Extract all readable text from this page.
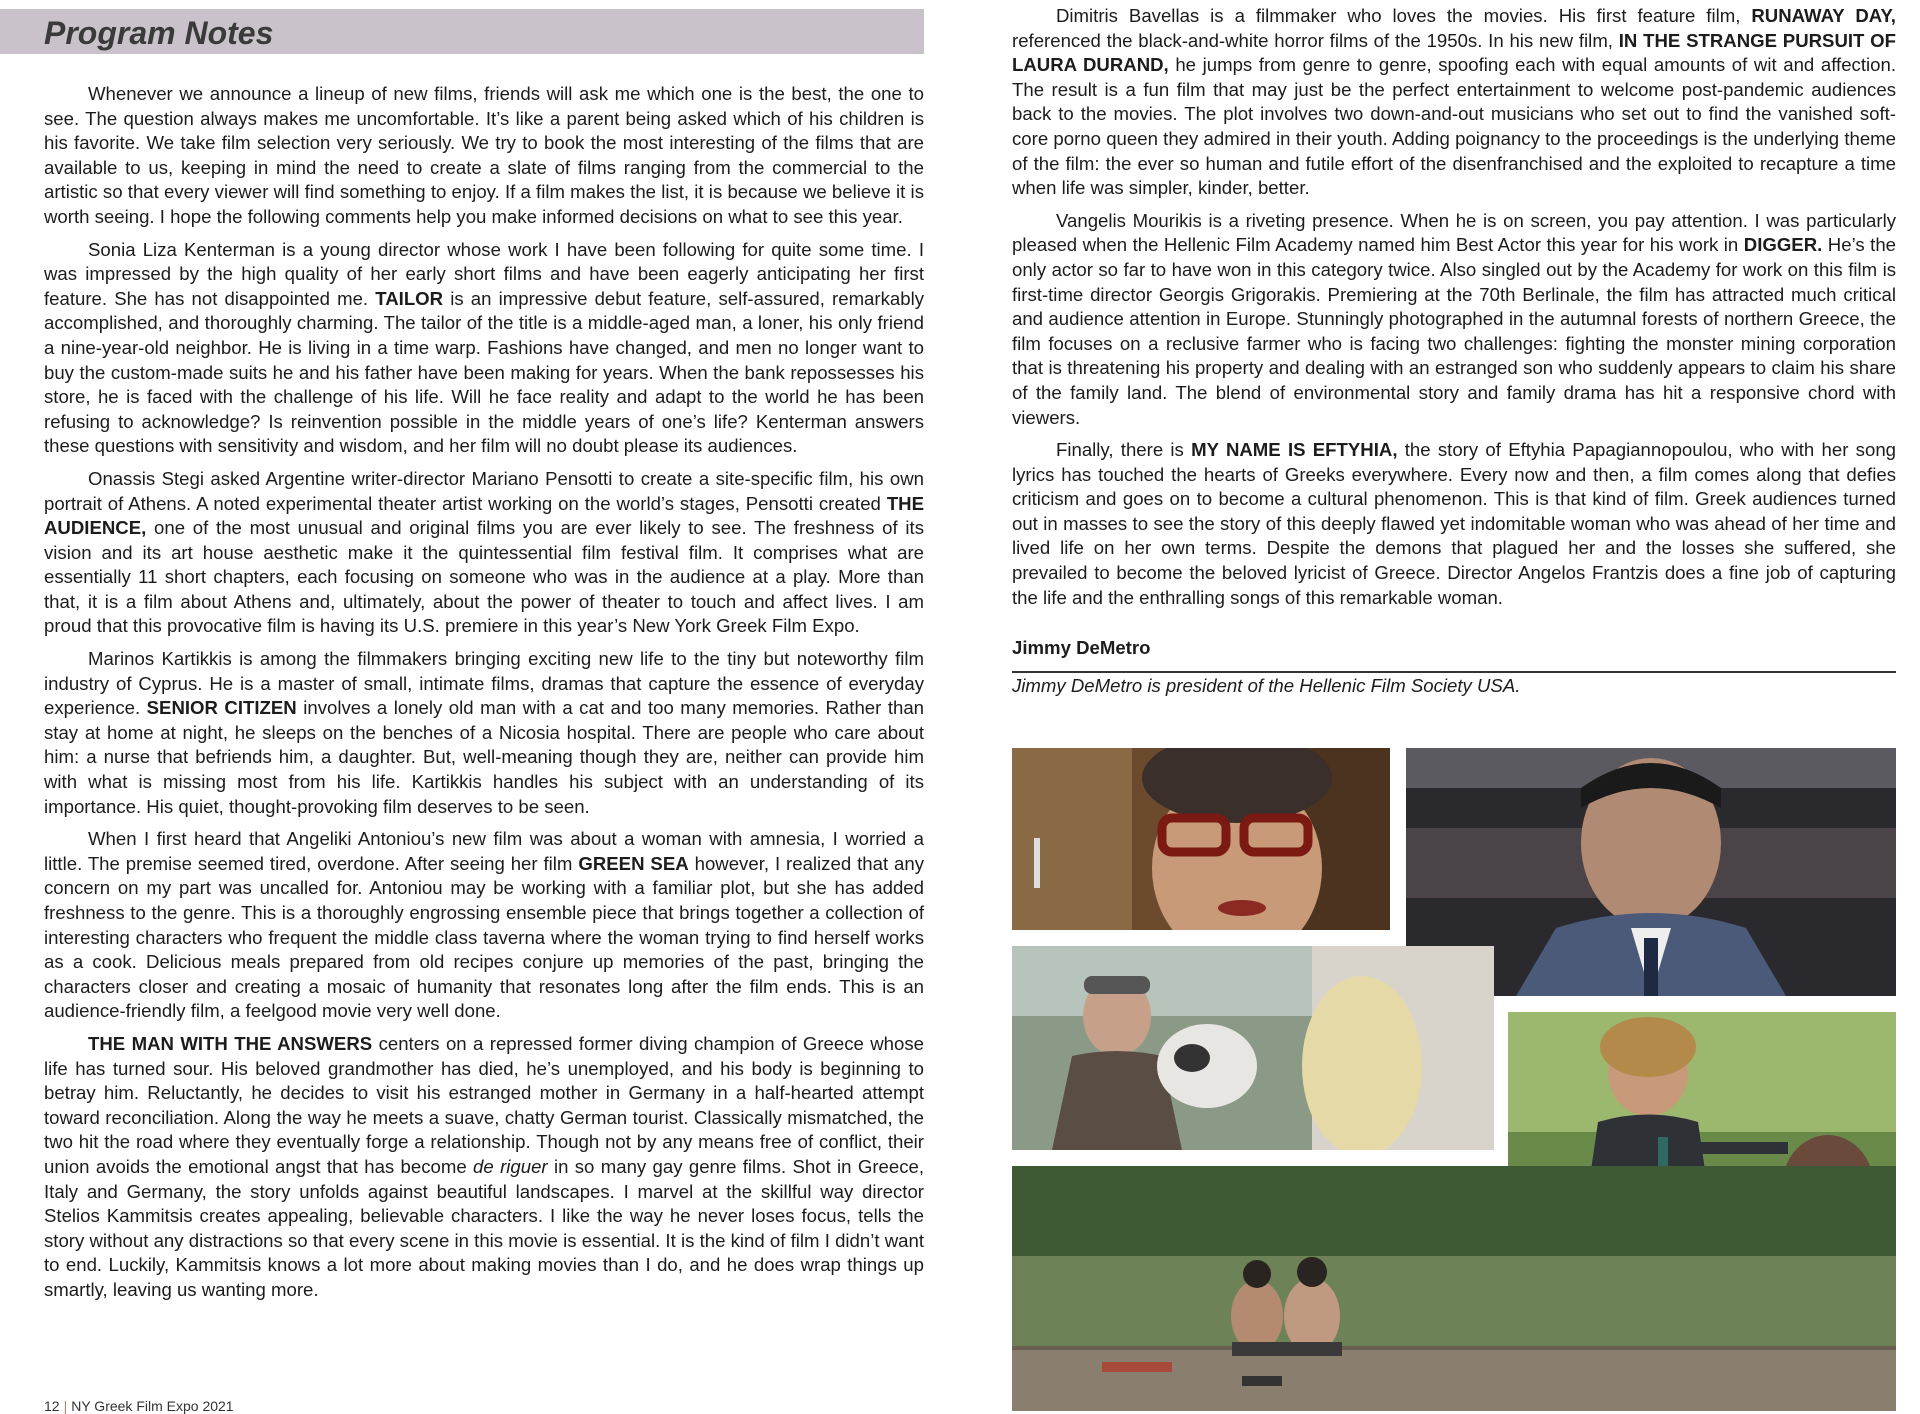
Program Notes

Whenever we announce a lineup of new films, friends will ask me which one is the best, the one to see. The question always makes me uncomfortable. It’s like a parent being asked which of his children is his favorite. We take film selection very seriously. We try to book the most interesting of the films that are available to us, keeping in mind the need to create a slate of films ranging from the commercial to the artistic so that every viewer will find something to enjoy. If a film makes the list, it is because we believe it is worth seeing. I hope the following comments help you make informed decisions on what to see this year.

Sonia Liza Kenterman is a young director whose work I have been following for quite some time. I was impressed by the high quality of her early short films and have been eagerly anticipating her first feature. She has not disappointed me. TAILOR is an impressive debut feature, self-assured, remarkably accomplished, and thoroughly charming. The tailor of the title is a middle-aged man, a loner, his only friend a nine-year-old neighbor. He is living in a time warp. Fashions have changed, and men no longer want to buy the custom-made suits he and his father have been making for years. When the bank repossesses his store, he is faced with the challenge of his life. Will he face reality and adapt to the world he has been refusing to acknowledge? Is reinvention possible in the middle years of one’s life? Kenterman answers these questions with sensitivity and wisdom, and her film will no doubt please its audiences.

Onassis Stegi asked Argentine writer-director Mariano Pensotti to create a site-specific film, his own portrait of Athens. A noted experimental theater artist working on the world’s stages, Pensotti created THE AUDIENCE, one of the most unusual and original films you are ever likely to see. The freshness of its vision and its art house aesthetic make it the quintessential film festival film. It comprises what are essentially 11 short chapters, each focusing on someone who was in the audience at a play. More than that, it is a film about Athens and, ultimately, about the power of theater to touch and affect lives. I am proud that this provocative film is having its U.S. premiere in this year’s New York Greek Film Expo.

Marinos Kartikkis is among the filmmakers bringing exciting new life to the tiny but noteworthy film industry of Cyprus. He is a master of small, intimate films, dramas that capture the essence of everyday experience. SENIOR CITIZEN involves a lonely old man with a cat and too many memories. Rather than stay at home at night, he sleeps on the benches of a Nicosia hospital. There are people who care about him: a nurse that befriends him, a daughter. But, well-meaning though they are, neither can provide him with what is missing most from his life. Kartikkis handles his subject with an understanding of its importance. His quiet, thought-provoking film deserves to be seen.

When I first heard that Angeliki Antoniou’s new film was about a woman with amnesia, I worried a little. The premise seemed tired, overdone. After seeing her film GREEN SEA however, I realized that any concern on my part was uncalled for. Antoniou may be working with a familiar plot, but she has added freshness to the genre. This is a thoroughly engrossing ensemble piece that brings together a collection of interesting characters who frequent the middle class taverna where the woman trying to find herself works as a cook. Delicious meals prepared from old recipes conjure up memories of the past, bringing the characters closer and creating a mosaic of humanity that resonates long after the film ends. This is an audience-friendly film, a feelgood movie very well done.

THE MAN WITH THE ANSWERS centers on a repressed former diving champion of Greece whose life has turned sour. His beloved grandmother has died, he’s unemployed, and his body is beginning to betray him. Reluctantly, he decides to visit his estranged mother in Germany in a half-hearted attempt toward reconciliation. Along the way he meets a suave, chatty German tourist. Classically mismatched, the two hit the road where they eventually forge a relationship. Though not by any means free of conflict, their union avoids the emotional angst that has become de riguer in so many gay genre films. Shot in Greece, Italy and Germany, the story unfolds against beautiful landscapes. I marvel at the skillful way director Stelios Kammitsis creates appealing, believable characters. I like the way he never loses focus, tells the story without any distractions so that every scene in this movie is essential. It is the kind of film I didn’t want to end. Luckily, Kammitsis knows a lot more about making movies than I do, and he does wrap things up smartly, leaving us wanting more.

Dimitris Bavellas is a filmmaker who loves the movies. His first feature film, RUNAWAY DAY, referenced the black-and-white horror films of the 1950s. In his new film, IN THE STRANGE PURSUIT OF LAURA DURAND, he jumps from genre to genre, spoofing each with equal amounts of wit and affection. The result is a fun film that may just be the perfect entertainment to welcome post-pandemic audiences back to the movies. The plot involves two down-and-out musicians who set out to find the vanished soft-core porno queen they admired in their youth. Adding poignancy to the proceedings is the underlying theme of the film: the ever so human and futile effort of the disenfranchised and the exploited to recapture a time when life was simpler, kinder, better.

Vangelis Mourikis is a riveting presence. When he is on screen, you pay attention. I was particularly pleased when the Hellenic Film Academy named him Best Actor this year for his work in DIGGER. He’s the only actor so far to have won in this category twice. Also singled out by the Academy for work on this film is first-time director Georgis Grigorakis. Premiering at the 70th Berlinale, the film has attracted much critical and audience attention in Europe. Stunningly photographed in the autumnal forests of northern Greece, the film focuses on a reclusive farmer who is facing two challenges: fighting the monster mining corporation that is threatening his property and dealing with an estranged son who suddenly appears to claim his share of the family land. The blend of environmental story and family drama has hit a responsive chord with viewers.

Finally, there is MY NAME IS EFTYHIA, the story of Eftyhia Papagiannopoulou, who with her song lyrics has touched the hearts of Greeks everywhere. Every now and then, a film comes along that defies criticism and goes on to become a cultural phenomenon. This is that kind of film. Greek audiences turned out in masses to see the story of this deeply flawed yet indomitable woman who was ahead of her time and lived life on her own terms. Despite the demons that plagued her and the losses she suffered, she prevailed to become the beloved lyricist of Greece. Director Angelos Frantzis does a fine job of capturing the life and the enthralling songs of this remarkable woman.

Jimmy DeMetro
Jimmy DeMetro is president of the Hellenic Film Society USA.
12 | NY Greek Film Expo 2021
